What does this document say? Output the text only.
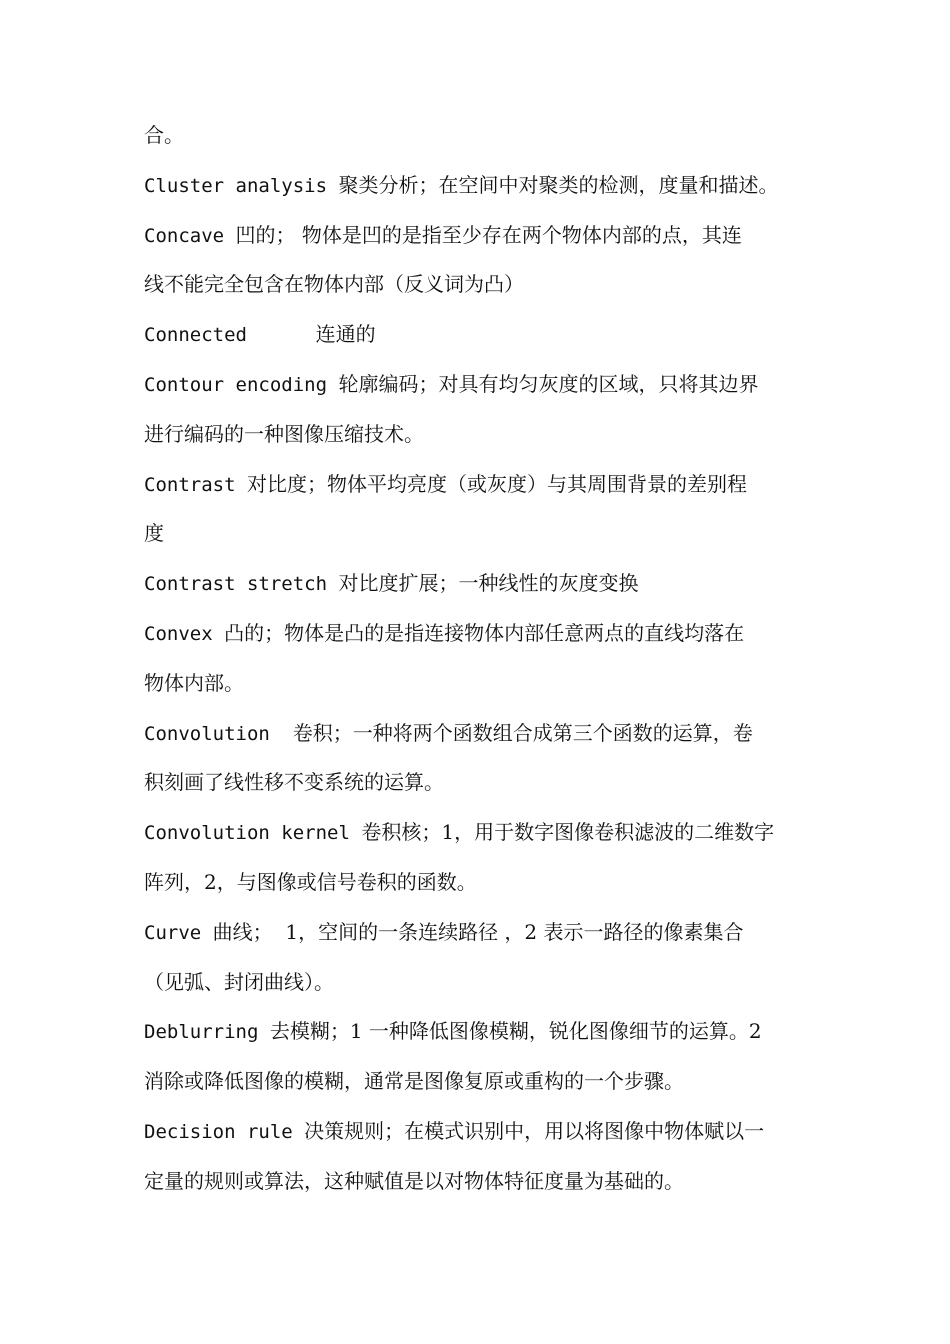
合。
Cluster analysis 聚类分析；在空间中对聚类的检测，度量和描述。
Concave 凹的； 物体是凹的是指至少存在两个物体内部的点，其连
线不能完全包含在物体内部（反义词为凸）
Connected      连通的
Contour encoding 轮廓编码；对具有均匀灰度的区域，只将其边界
进行编码的一种图像压缩技术。
Contrast 对比度；物体平均亮度（或灰度）与其周围背景的差别程
度
Contrast stretch 对比度扩展；一种线性的灰度变换
Convex 凸的；物体是凸的是指连接物体内部任意两点的直线均落在
物体内部。
Convolution  卷积；一种将两个函数组合成第三个函数的运算，卷
积刻画了线性移不变系统的运算。
Convolution kernel 卷积核；1，用于数字图像卷积滤波的二维数字
阵列，2，与图像或信号卷积的函数。
Curve 曲线；  1，空间的一条连续路径 ，2 表示一路径的像素集合
（见弧、封闭曲线）。
Deblurring 去模糊；1 一种降低图像模糊，锐化图像细节的运算。2
消除或降低图像的模糊，通常是图像复原或重构的一个步骤。
Decision rule 决策规则；在模式识别中，用以将图像中物体赋以一
定量的规则或算法，这种赋值是以对物体特征度量为基础的。
